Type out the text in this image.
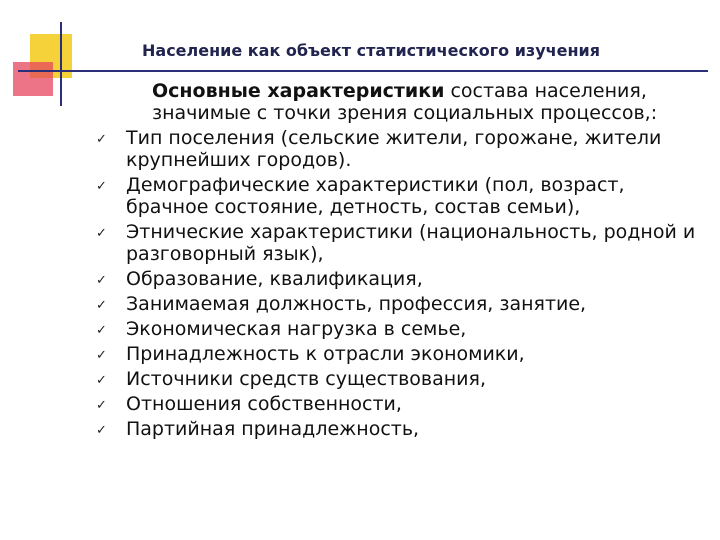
Население как объект статистического изучения
Основные характеристики состава населения,
значимые с точки зрения социальных процессов,:
✓ Тип поселения (сельские жители, горожане, жители
крупнейших городов).
✓ Демографические характеристики (пол, возраст,
брачное состояние, детность, состав семьи),
✓ Этнические характеристики (национальность, родной и
разговорный язык),
✓ Образование, квалификация,
✓ Занимаемая должность, профессия, занятие,
✓ Экономическая нагрузка в семье,
✓ Принадлежность к отрасли экономики,
✓ Источники средств существования,
✓ Отношения собственности,
✓ Партийная принадлежность,
